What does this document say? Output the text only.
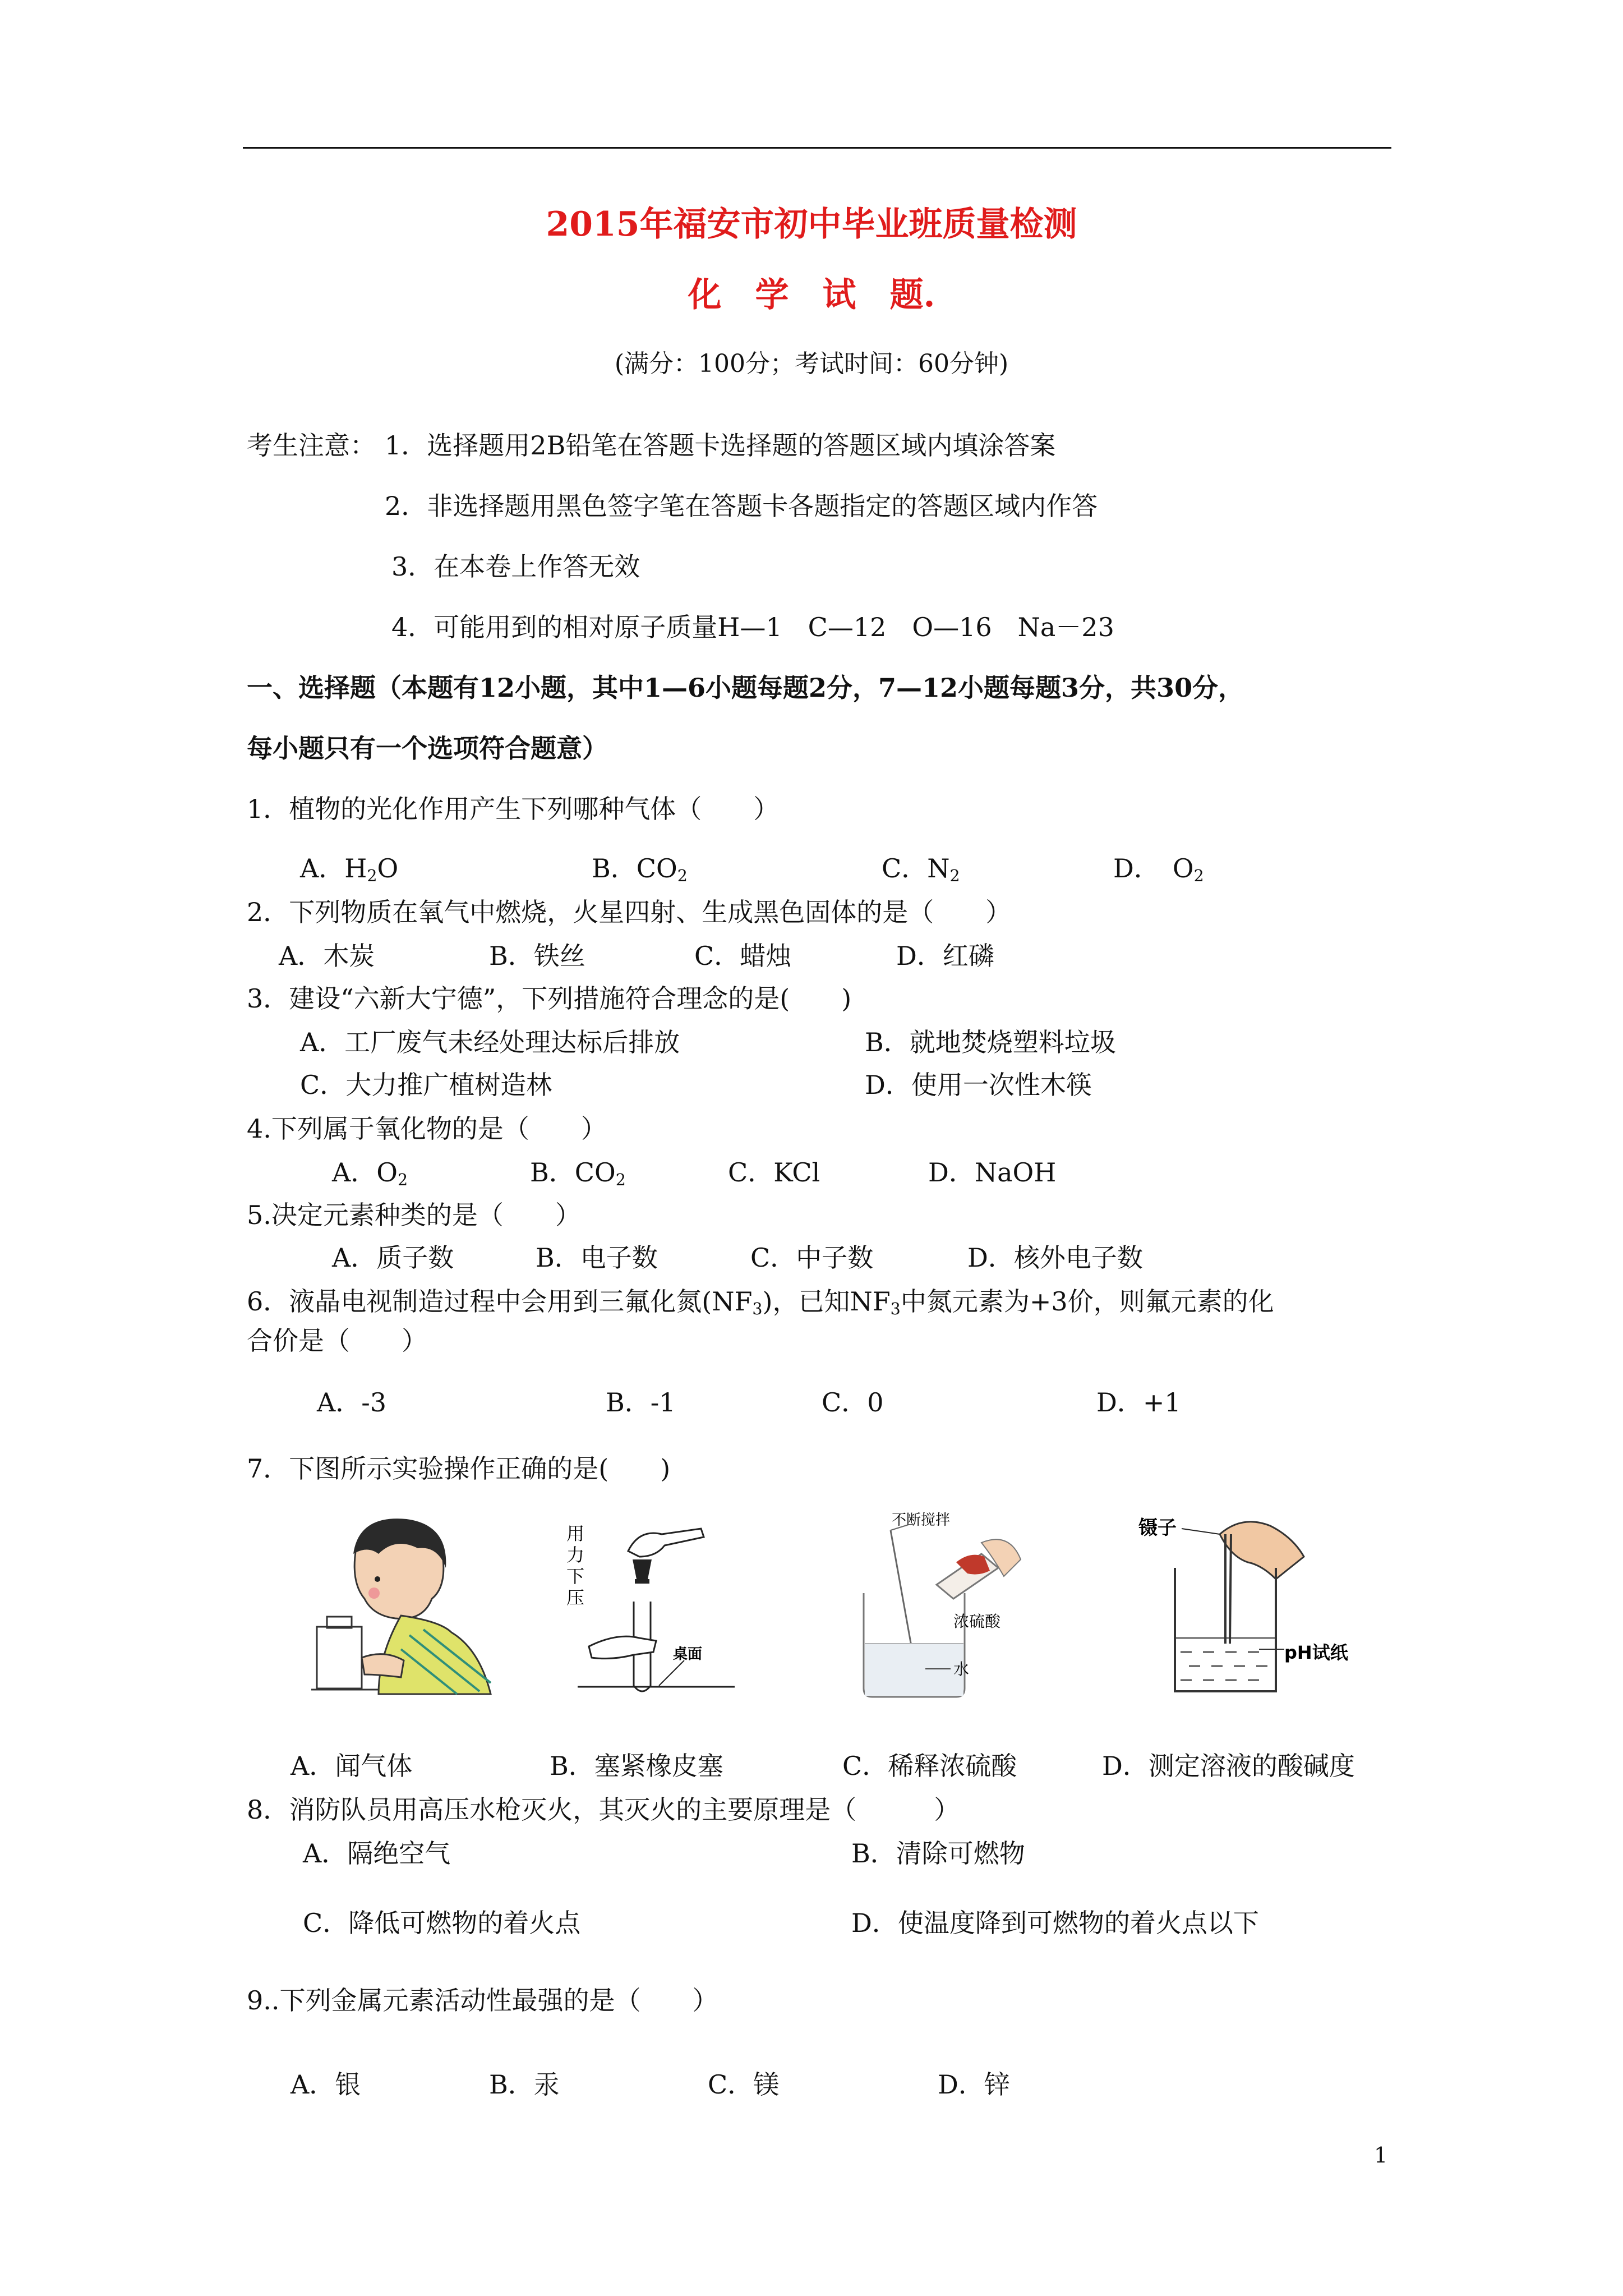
2015年福安市初中毕业班质量检测
化　学　试　题.
(满分：100分；考试时间：60分钟)
考生注意： 1．选择题用2B铅笔在答题卡选择题的答题区域内填涂答案
2．非选择题用黑色签字笔在答题卡各题指定的答题区域内作答
3．在本卷上作答无效
4．可能用到的相对原子质量H—1　C—12　O—16　Na－23
一、选择题（本题有12小题，其中1—6小题每题2分，7—12小题每题3分，共30分，
每小题只有一个选项符合题意）
1．植物的光化作用产生下列哪种气体（　　）
A．$H_2O$	B．$CO_2$	C．$N_2$	D．　$O_2$
2．下列物质在氧气中燃烧，火星四射、生成黑色固体的是（　　）
A．木炭	B．铁丝	C．蜡烛	D．红磷
3．建设“六新大宁德”，下列措施符合理念的是(　　)
A．工厂废气未经处理达标后排放	B．就地焚烧塑料垃圾
C．大力推广植树造林	D．使用一次性木筷
4.下列属于氧化物的是（　　）
A．$O_2$	B．$CO_2$	C．KCl	D．NaOH
5.决定元素种类的是（　　）
A．质子数	B．电子数	C．中子数	D．核外电子数
6．液晶电视制造过程中会用到三氟化氮$(NF_3)$，已知$NF_3$中氮元素为+3价，则氟元素的化
合价是（　　）
A．-3	B．-1	C．0	D．+1
7．下图所示实验操作正确的是(　　)
用
力
下
压
桌面
不断搅拌
浓硫酸
水
镊子
pH试纸
A．闻气体	B．塞紧橡皮塞	C．稀释浓硫酸	D．测定溶液的酸碱度
8．消防队员用高压水枪灭火，其灭火的主要原理是（　　　）
A．隔绝空气	B．清除可燃物
C．降低可燃物的着火点	D．使温度降到可燃物的着火点以下
9..下列金属元素活动性最强的是（　　）
A．银	B．汞	C．镁	D．锌
1
